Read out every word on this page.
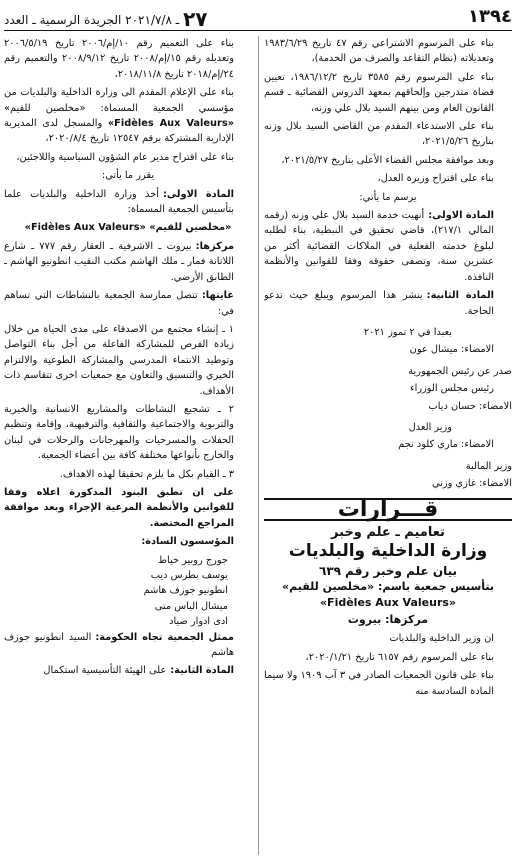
الجريدة الرسمية ـ العدد	٢٧ ـ ٢٠٢١/٧/٨	١٣٩٤

بناء على المرسوم الاشتراعي رقم ٤٧ تاريخ ١٩٨٣/٦/٢٩ وتعديلاته (نظام التقاعد والصرف من الخدمة)،

بناء على المرسوم رقم ٣٥٨٥ تاريخ ١٩٨٦/١٢/٢، تعيين قضاة متدرجين وإلحاقهم بمعهد الدروس القضائية ـ قسم القانون العام ومن بينهم السيد بلال علي وزنه،

بناء على الاستدعاء المقدم من القاضي السيد بلال وزنه بتاريخ ٢٠٢١/٥/٢٦،

وبعد موافقة مجلس القضاء الأعلى بتاريخ ٢٠٢١/٥/٢٧،

بناء على اقتراح وزيرة العدل،

يرسم ما يأتي:

المادة الاولى:أنهيت خدمة السيد بلال علي وزنه (رقمه المالي ٢١٧/١)، قاضي تحقيق في النبطية، بناء لطلبه لبلوغ خدمته الفعلية في الملاكات القضائية أكثر من عشرين سنة، وتصفى حقوقه وفقا للقوانين والأنظمة النافذة.

المادة الثانية:ينشر هذا المرسوم ويبلغ حيث تدعو الحاجة.

بعبدا في ٢ تموز ٢٠٢١

الامضاء: ميشال عون

صدر عن رئيس الجمهورية

رئيس مجلس الوزراء

الامضاء: حسان دياب

وزير العدل

الامضاء: ماري كلود نجم

وزير المالية

الامضاء: غازي وزني

قـــرارات
تعاميم ـ علم وخبر
وزارة الداخلية والبلديات
بيان علم وخبر رقم ٦٣٩
بتأسيس جمعية باسم: «مخلصين للقيم»
«Fidèles Aux Valeurs»
مركزها: بيروت

ان وزير الداخلية والبلديات

بناء على المرسوم رقم ٦١٥٧ تاريخ ٢٠٢٠/١/٢١،

بناء على قانون الجمعيات الصادر في ٣ آب ١٩٠٩ ولا سيما المادة السادسة منه

بناء على التعميم رقم ١٠/إم/٢٠٠٦ تاريخ ٢٠٠٦/٥/١٩ وتعديله رقم ١٥/إم/٢٠٠٨ تاريخ ٢٠٠٨/٩/١٢ والتعميم رقم ٢٤/إم/٢٠١٨ تاريخ ٢٠١٨/١١/٨،

بناء على الإعلام المقدم الى وزارة الداخلية والبلديات من مؤسسي الجمعية المسماة: «مخلصين للقيم» «Fidèles Aux Valeurs» والمسجل لدى المديرية الإدارية المشتركة برقم ١٢٥٤٧ تاريخ ٢٠٢٠/٨/٤،

بناء على اقتراح مدير عام الشؤون السياسية واللاجئين،

يقرر ما يأتي:

المادة الاولى:أخذ وزارة الداخلية والبلديات علما بتأسيس الجمعية المسماة:

«مخلصين للقيم» «Fidèles Aux Valeurs»

مركزها:بيروت ـ الاشرفية ـ العقار رقم ٧٧٧ ـ شارع اللاتانة فمار ـ ملك الهاشم مكتب النقيب انطونيو الهاشم ـ الطابق الأرضي.

غايتها:تتصل ممارسة الجمعية بالنشاطات التي تساهم في:

١ ـ إنشاء مجتمع من الاصدقاء على مدى الحياة من خلال زيادة الفرص للمشاركة الفاعلة من أجل بناء التواصل وتوطيد الانتماء المدرسي والمشاركة الطوعية والالتزام الخيري والتنسيق والتعاون مع جمعيات اخرى تتقاسم ذات الأهداف.

٢ ـ تشجيع النشاطات والمشاريع الانسانية والخيرية والتربوية والاجتماعية والثقافية والترفيهية، وإقامة وتنظيم الحفلات والمسرحيات والمهرجانات والرحلات في لبنان والخارج بأنواعها مختلفة كافة بين أعضاء الجمعية.

٣ ـ القيام بكل ما يلزم تحقيقا لهذه الاهداف.

على ان تطبق البنود المذكورة اعلاه وفقا للقوانين والأنظمة المرعية الإجراء وبعد موافقة المراجع المختصة.

المؤسسون السادة:

جورج روبير خياط

يوسف بطرس ديب

انطونيو جوزف هاشم

ميشال الياس متى

ادى ادوار صياد

ممثل الجمعية تجاه الحكومة:السيد انطونيو جوزف هاشم

المادة الثانية:على الهيئة التأسيسية استكمال
